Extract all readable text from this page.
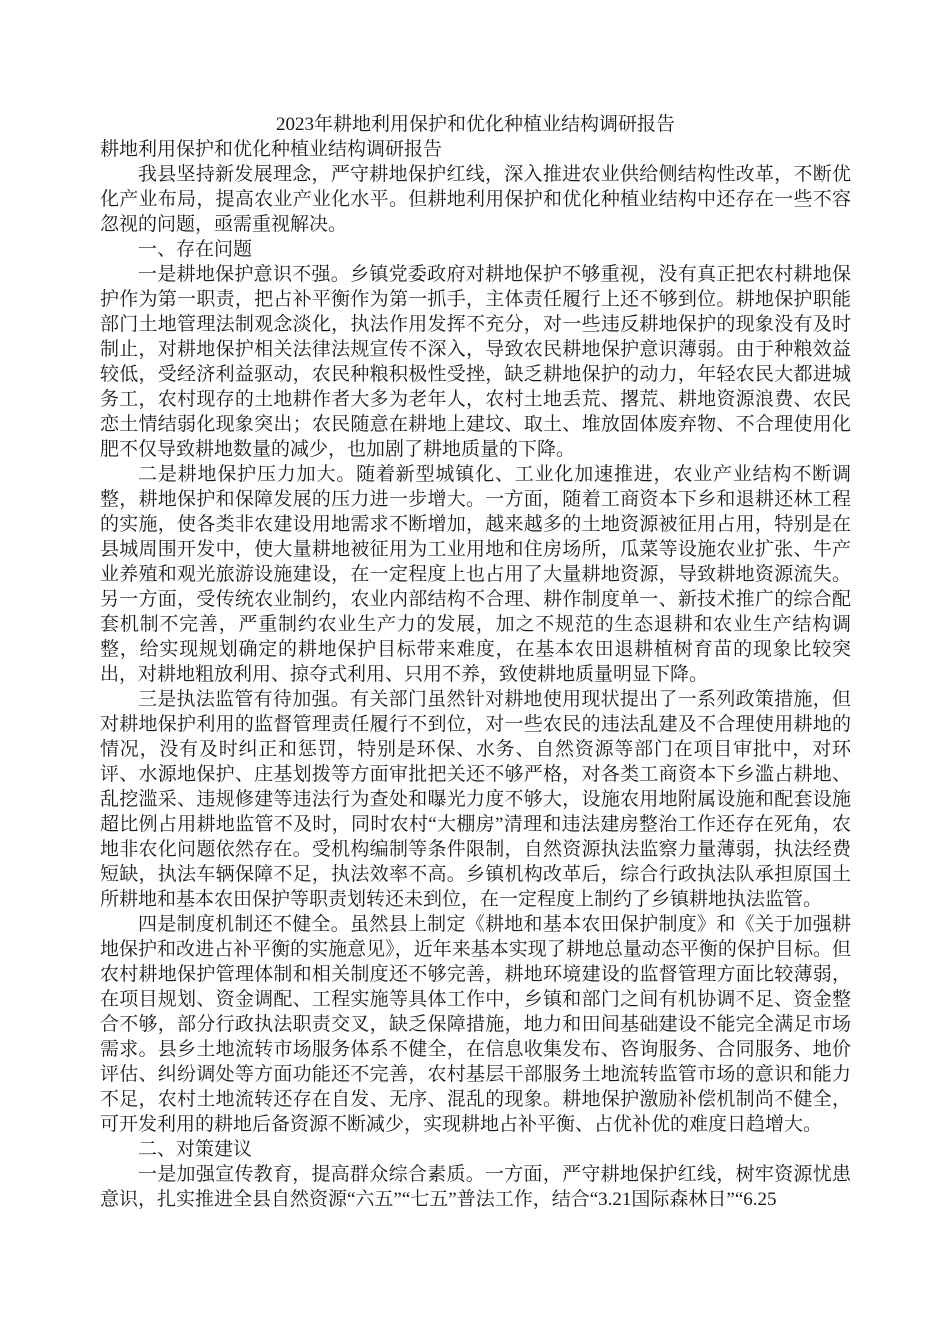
2023年耕地利用保护和优化种植业结构调研报告

耕地利用保护和优化种植业结构调研报告

我县坚持新发展理念，严守耕地保护红线，深入推进农业供给侧结构性改革，不断优化产业布局，提高农业产业化水平。但耕地利用保护和优化种植业结构中还存在一些不容忽视的问题，亟需重视解决。

一、存在问题

一是耕地保护意识不强。乡镇党委政府对耕地保护不够重视，没有真正把农村耕地保护作为第一职责，把占补平衡作为第一抓手，主体责任履行上还不够到位。耕地保护职能部门土地管理法制观念淡化，执法作用发挥不充分，对一些违反耕地保护的现象没有及时制止，对耕地保护相关法律法规宣传不深入，导致农民耕地保护意识薄弱。由于种粮效益较低，受经济利益驱动，农民种粮积极性受挫，缺乏耕地保护的动力，年轻农民大都进城务工，农村现存的土地耕作者大多为老年人，农村土地丢荒、撂荒、耕地资源浪费、农民恋土情结弱化现象突出；农民随意在耕地上建坟、取土、堆放固体废弃物、不合理使用化肥不仅导致耕地数量的减少，也加剧了耕地质量的下降。

二是耕地保护压力加大。随着新型城镇化、工业化加速推进，农业产业结构不断调整，耕地保护和保障发展的压力进一步增大。一方面，随着工商资本下乡和退耕还林工程的实施，使各类非农建设用地需求不断增加，越来越多的土地资源被征用占用，特别是在县城周围开发中，使大量耕地被征用为工业用地和住房场所，瓜菜等设施农业扩张、牛产业养殖和观光旅游设施建设，在一定程度上也占用了大量耕地资源，导致耕地资源流失。另一方面，受传统农业制约，农业内部结构不合理、耕作制度单一、新技术推广的综合配套机制不完善，严重制约农业生产力的发展，加之不规范的生态退耕和农业生产结构调整，给实现规划确定的耕地保护目标带来难度，在基本农田退耕植树育苗的现象比较突出，对耕地粗放利用、掠夺式利用、只用不养，致使耕地质量明显下降。

三是执法监管有待加强。有关部门虽然针对耕地使用现状提出了一系列政策措施，但对耕地保护利用的监督管理责任履行不到位，对一些农民的违法乱建及不合理使用耕地的情况，没有及时纠正和惩罚，特别是环保、水务、自然资源等部门在项目审批中，对环评、水源地保护、庄基划拨等方面审批把关还不够严格，对各类工商资本下乡滥占耕地、乱挖滥采、违规修建等违法行为查处和曝光力度不够大，设施农用地附属设施和配套设施超比例占用耕地监管不及时，同时农村“大棚房”清理和违法建房整治工作还存在死角，农地非农化问题依然存在。受机构编制等条件限制，自然资源执法监察力量薄弱，执法经费短缺，执法车辆保障不足，执法效率不高。乡镇机构改革后，综合行政执法队承担原国土所耕地和基本农田保护等职责划转还未到位，在一定程度上制约了乡镇耕地执法监管。

四是制度机制还不健全。虽然县上制定《耕地和基本农田保护制度》和《关于加强耕地保护和改进占补平衡的实施意见》，近年来基本实现了耕地总量动态平衡的保护目标。但农村耕地保护管理体制和相关制度还不够完善，耕地环境建设的监督管理方面比较薄弱，在项目规划、资金调配、工程实施等具体工作中，乡镇和部门之间有机协调不足、资金整合不够，部分行政执法职责交叉，缺乏保障措施，地力和田间基础建设不能完全满足市场需求。县乡土地流转市场服务体系不健全，在信息收集发布、咨询服务、合同服务、地价评估、纠纷调处等方面功能还不完善，农村基层干部服务土地流转监管市场的意识和能力不足，农村土地流转还存在自发、无序、混乱的现象。耕地保护激励补偿机制尚不健全，可开发利用的耕地后备资源不断减少，实现耕地占补平衡、占优补优的难度日趋增大。

二、对策建议

一是加强宣传教育，提高群众综合素质。一方面，严守耕地保护红线，树牢资源忧患意识，扎实推进全县自然资源“六五”“七五”普法工作，结合“3.21国际森林日”“6.25
